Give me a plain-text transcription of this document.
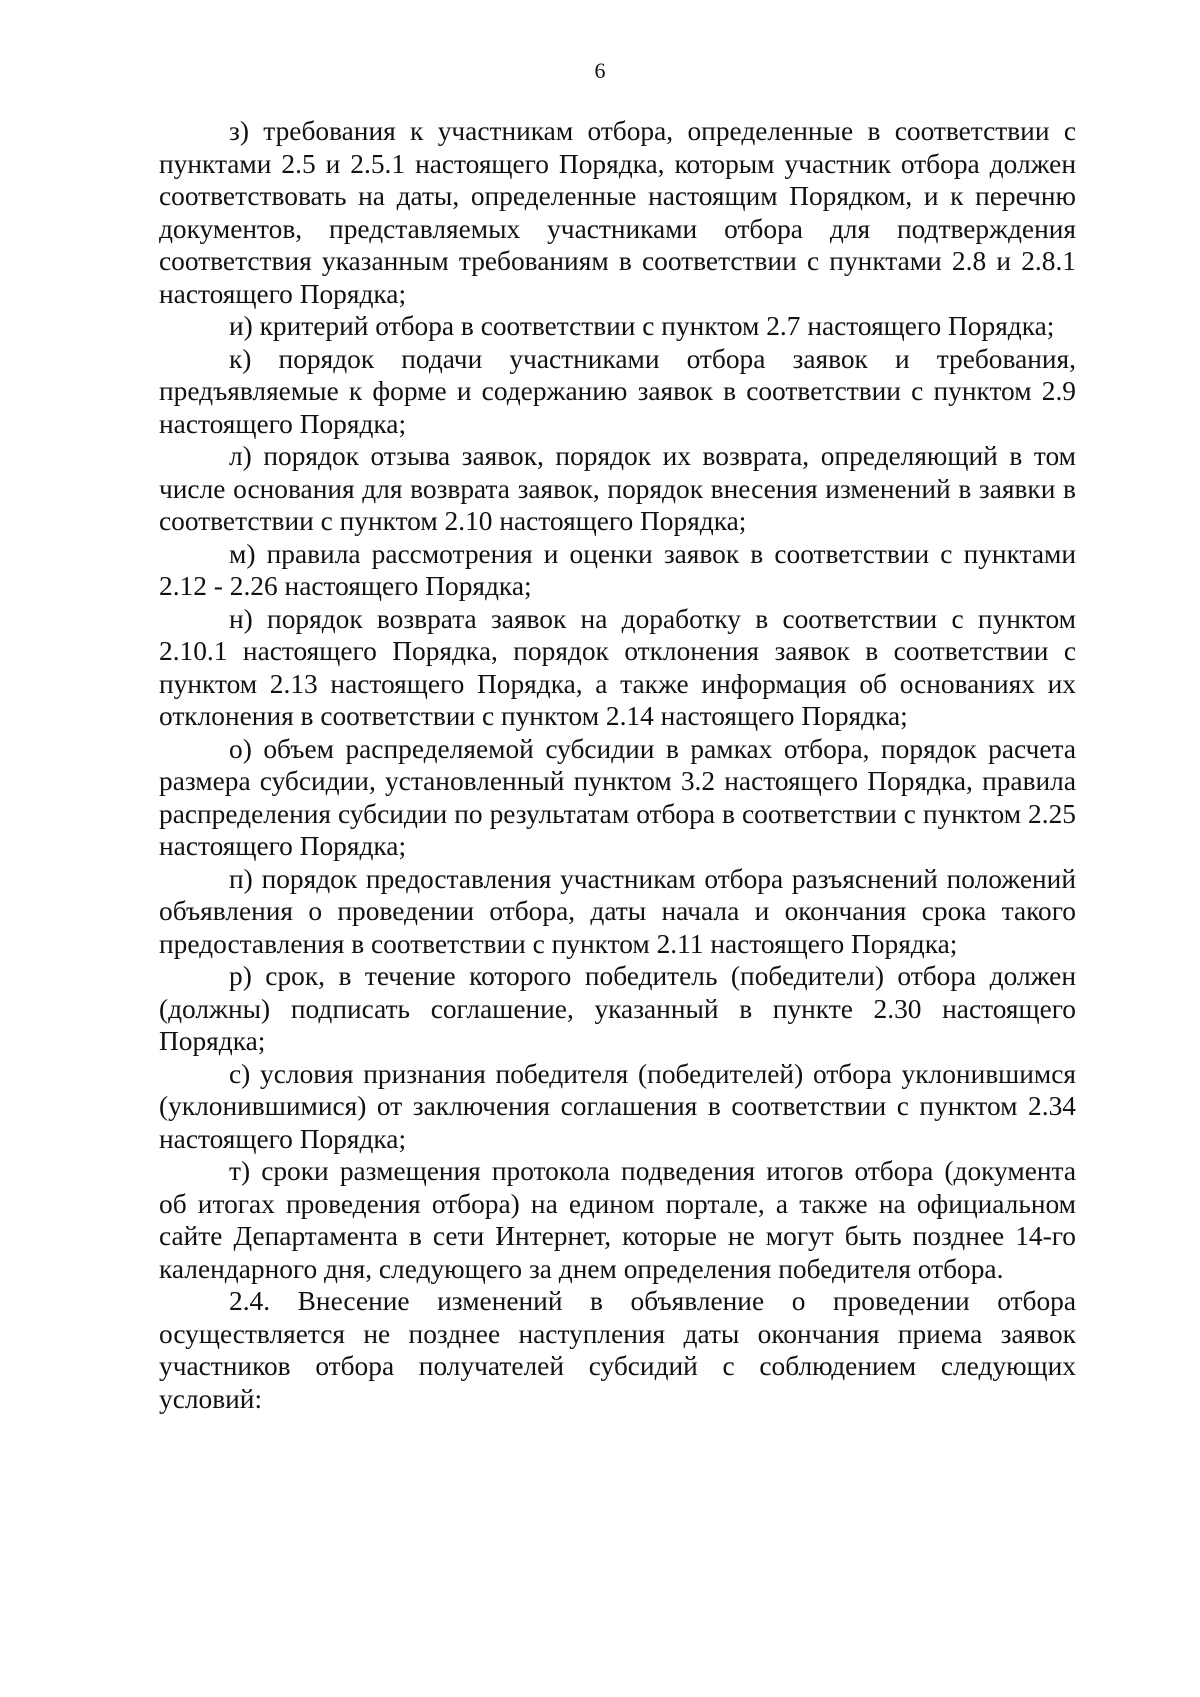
6

з) требования к участникам отбора, определенные в соответствии с пунктами 2.5 и 2.5.1 настоящего Порядка, которым участник отбора должен соответствовать на даты, определенные настоящим Порядком, и к перечню документов, представляемых участниками отбора для подтверждения соответствия указанным требованиям в соответствии с пунктами 2.8 и 2.8.1 настоящего Порядка;

и) критерий отбора в соответствии с пунктом 2.7 настоящего Порядка;

к) порядок подачи участниками отбора заявок и требования, предъявляемые к форме и содержанию заявок в соответствии с пунктом 2.9 настоящего Порядка;

л) порядок отзыва заявок, порядок их возврата, определяющий в том числе основания для возврата заявок, порядок внесения изменений в заявки в соответствии с пунктом 2.10 настоящего Порядка;

м) правила рассмотрения и оценки заявок в соответствии с пунктами 2.12 - 2.26 настоящего Порядка;

н) порядок возврата заявок на доработку в соответствии с пунктом 2.10.1 настоящего Порядка, порядок отклонения заявок в соответствии с пунктом 2.13 настоящего Порядка, а также информация об основаниях их отклонения в соответствии с пунктом 2.14 настоящего Порядка;

о) объем распределяемой субсидии в рамках отбора, порядок расчета размера субсидии, установленный пунктом 3.2 настоящего Порядка, правила распределения субсидии по результатам отбора в соответствии с пунктом 2.25 настоящего Порядка;

п) порядок предоставления участникам отбора разъяснений положений объявления о проведении отбора, даты начала и окончания срока такого предоставления в соответствии с пунктом 2.11 настоящего Порядка;

р) срок, в течение которого победитель (победители) отбора должен (должны) подписать соглашение, указанный в пункте 2.30 настоящего Порядка;

с) условия признания победителя (победителей) отбора уклонившимся (уклонившимися) от заключения соглашения в соответствии с пунктом 2.34 настоящего Порядка;

т) сроки размещения протокола подведения итогов отбора (документа об итогах проведения отбора) на едином портале, а также на официальном сайте Департамента в сети Интернет, которые не могут быть позднее 14-го календарного дня, следующего за днем определения победителя отбора.

2.4. Внесение изменений в объявление о проведении отбора осуществляется не позднее наступления даты окончания приема заявок участников отбора получателей субсидий с соблюдением следующих условий:
